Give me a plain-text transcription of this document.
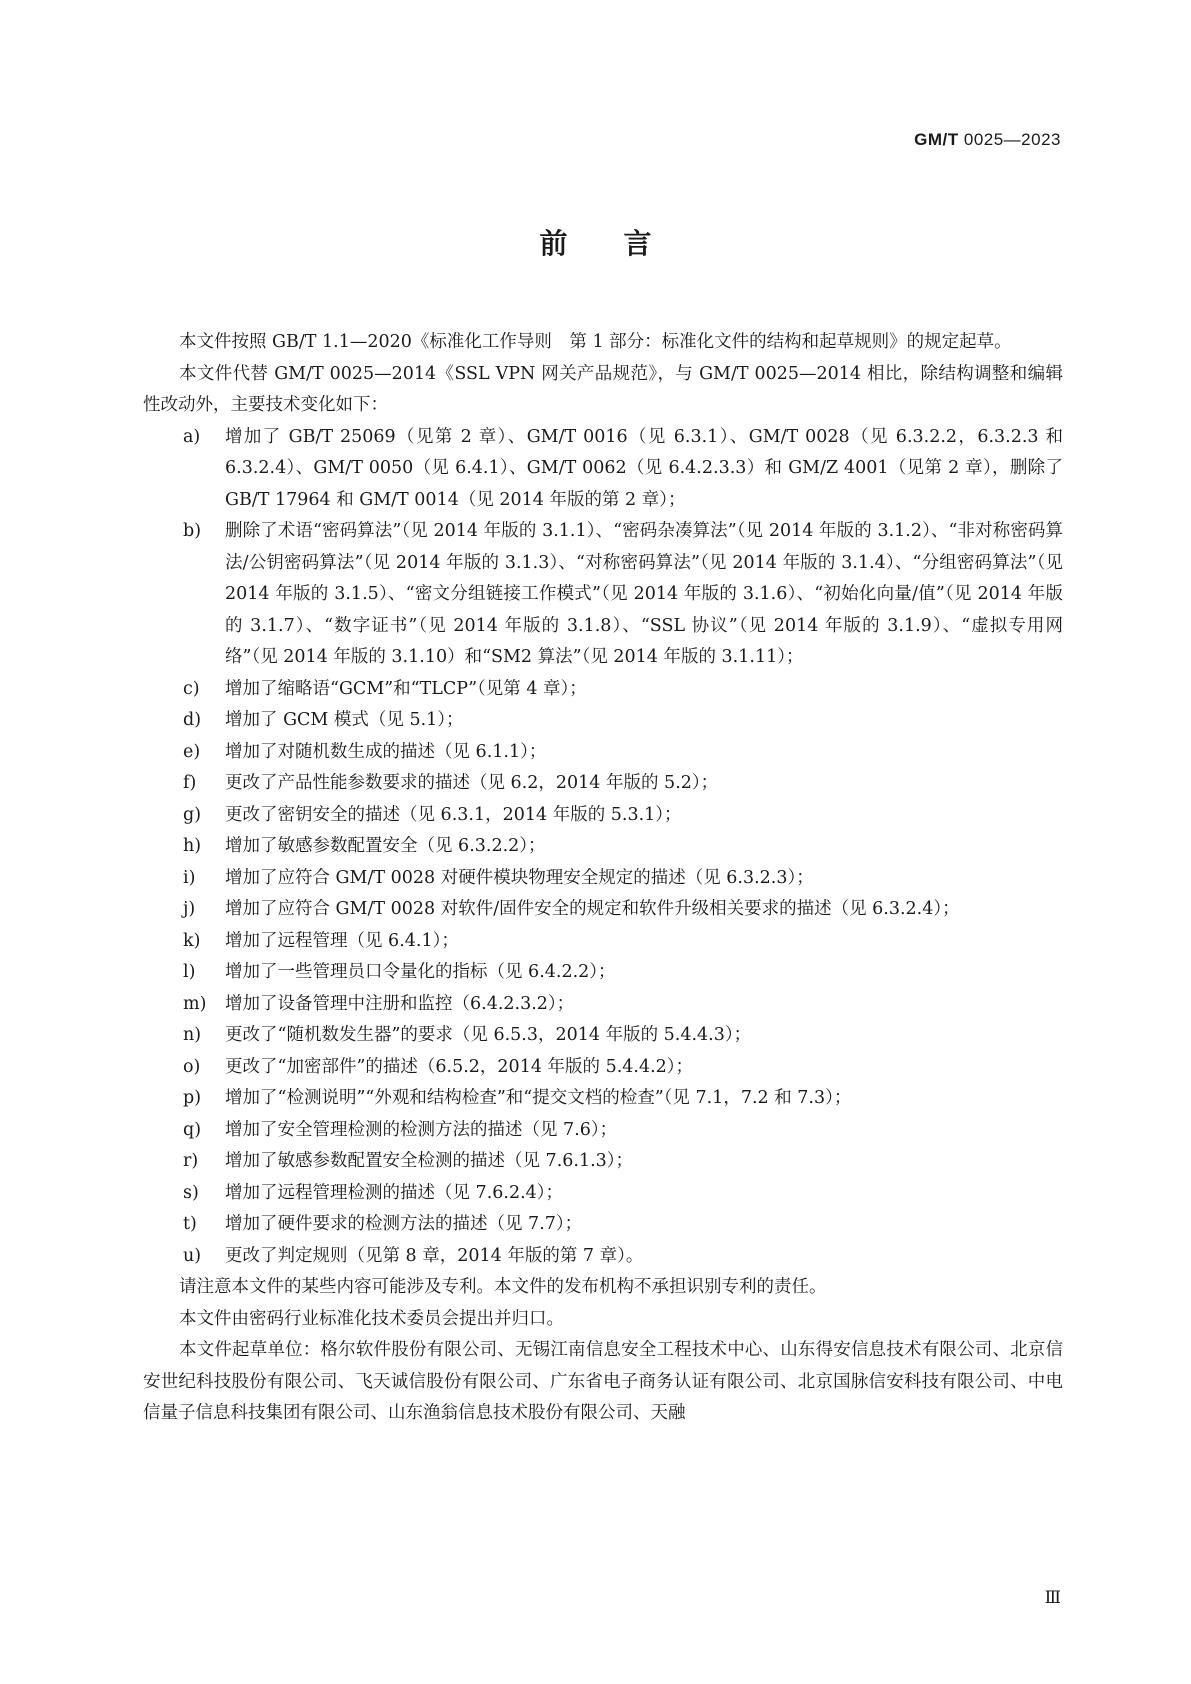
GM/T 0025—2023
前言

本文件按照 GB/T 1.1—2020《标准化工作导则　第 1 部分：标准化文件的结构和起草规则》的规定起草。

本文件代替 GM/T 0025—2014《SSL VPN 网关产品规范》，与 GM/T 0025—2014 相比，除结构调整和编辑性改动外，主要技术变化如下：

a)	增加了 GB/T 25069（见第 2 章）、GM/T 0016（见 6.3.1）、GM/T 0028（见 6.3.2.2，6.3.2.3 和 6.3.2.4）、GM/T 0050（见 6.4.1）、GM/T 0062（见 6.4.2.3.3）和 GM/Z 4001（见第 2 章），删除了 GB/T 17964 和 GM/T 0014（见 2014 年版的第 2 章）；
b)	删除了术语“密码算法”（见 2014 年版的 3.1.1）、“密码杂凑算法”（见 2014 年版的 3.1.2）、“非对称密码算法/公钥密码算法”（见 2014 年版的 3.1.3）、“对称密码算法”（见 2014 年版的 3.1.4）、“分组密码算法”（见 2014 年版的 3.1.5）、“密文分组链接工作模式”（见 2014 年版的 3.1.6）、“初始化向量/值”（见 2014 年版的 3.1.7）、“数字证书”（见 2014 年版的 3.1.8）、“SSL 协议”（见 2014 年版的 3.1.9）、“虚拟专用网络”（见 2014 年版的 3.1.10）和“SM2 算法”（见 2014 年版的 3.1.11）；
c)	增加了缩略语“GCM”和“TLCP”（见第 4 章）；
d)	增加了 GCM 模式（见 5.1）；
e)	增加了对随机数生成的描述（见 6.1.1）；
f)	更改了产品性能参数要求的描述（见 6.2，2014 年版的 5.2）；
g)	更改了密钥安全的描述（见 6.3.1，2014 年版的 5.3.1）；
h)	增加了敏感参数配置安全（见 6.3.2.2）；
i)	增加了应符合 GM/T 0028 对硬件模块物理安全规定的描述（见 6.3.2.3）；
j)	增加了应符合 GM/T 0028 对软件/固件安全的规定和软件升级相关要求的描述（见 6.3.2.4）；
k)	增加了远程管理（见 6.4.1）；
l)	增加了一些管理员口令量化的指标（见 6.4.2.2）；
m)	增加了设备管理中注册和监控（6.4.2.3.2）；
n)	更改了“随机数发生器”的要求（见 6.5.3，2014 年版的 5.4.4.3）；
o)	更改了“加密部件”的描述（6.5.2，2014 年版的 5.4.4.2）；
p)	增加了“检测说明”“外观和结构检查”和“提交文档的检查”（见 7.1，7.2 和 7.3）；
q)	增加了安全管理检测的检测方法的描述（见 7.6）；
r)	增加了敏感参数配置安全检测的描述（见 7.6.1.3）；
s)	增加了远程管理检测的描述（见 7.6.2.4）；
t)	增加了硬件要求的检测方法的描述（见 7.7）；
u)	更改了判定规则（见第 8 章，2014 年版的第 7 章）。

请注意本文件的某些内容可能涉及专利。本文件的发布机构不承担识别专利的责任。

本文件由密码行业标准化技术委员会提出并归口。

本文件起草单位：格尔软件股份有限公司、无锡江南信息安全工程技术中心、山东得安信息技术有限公司、北京信安世纪科技股份有限公司、飞天诚信股份有限公司、广东省电子商务认证有限公司、北京国脉信安科技有限公司、中电信量子信息科技集团有限公司、山东渔翁信息技术股份有限公司、天融

Ⅲ
